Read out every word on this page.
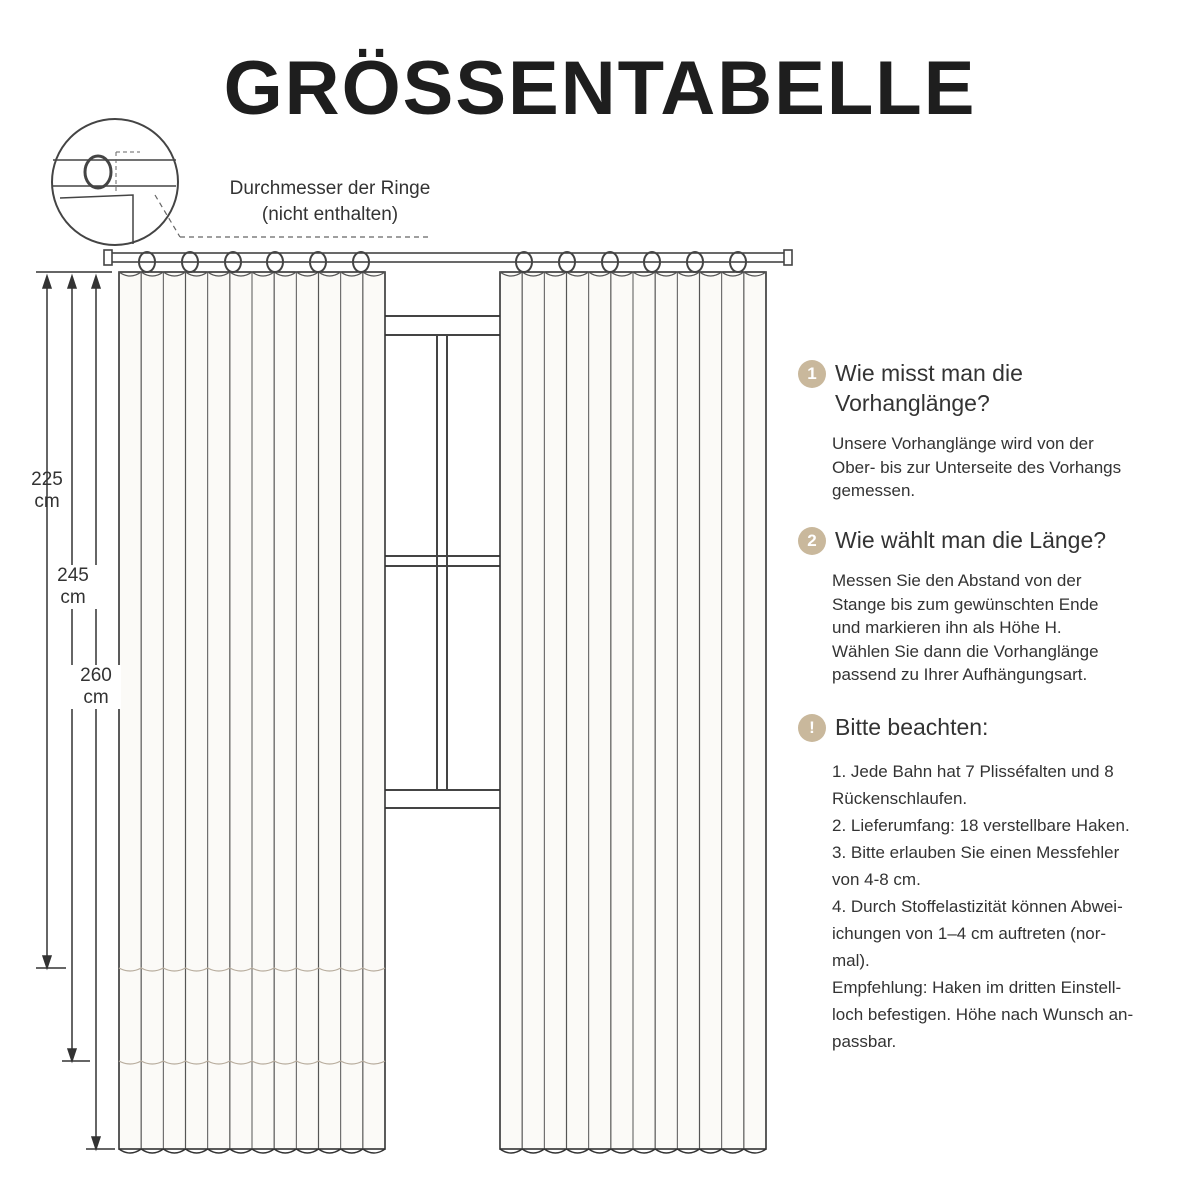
GRÖSSENTABELLE
Durchmesser der Ringe
(nicht enthalten)
225
cm
245
cm
260
cm
1 Wie misst man die
Vorhanglänge?
Unsere Vorhanglänge wird von der
Ober- bis zur Unterseite des Vorhangs
gemessen.
2 Wie wählt man die Länge?
Messen Sie den Abstand von der
Stange bis zum gewünschten Ende
und markieren ihn als Höhe H.
Wählen Sie dann die Vorhanglänge
passend zu Ihrer Aufhängungsart.
! Bitte beachten:
1. Jede Bahn hat 7 Plisséfalten und 8
Rückenschlaufen.
2. Lieferumfang: 18 verstellbare Haken.
3. Bitte erlauben Sie einen Messfehler
von 4-8 cm.
4. Durch Stoffelastizität können Abwei-
ichungen von 1–4 cm auftreten (nor-
mal).
Empfehlung: Haken im dritten Einstell-
loch befestigen. Höhe nach Wunsch an-
passbar.
